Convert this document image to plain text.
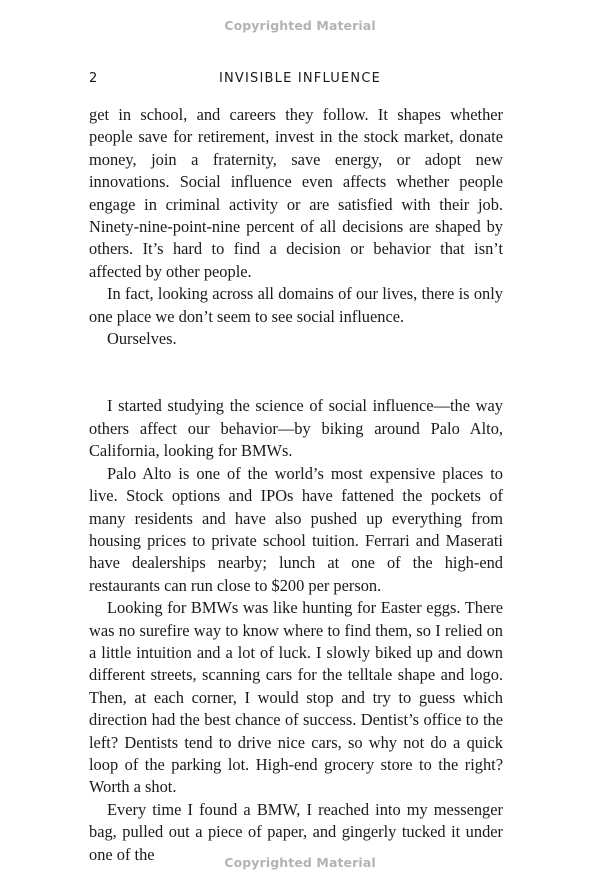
Copyrighted Material
2	INVISIBLE INFLUENCE

get in school, and careers they follow. It shapes whether people save for retirement, invest in the stock market, donate money, join a fraternity, save energy, or adopt new innovations. Social influence even affects whether people engage in criminal activity or are satisfied with their job. Ninety-nine-point-nine percent of all decisions are shaped by others. It’s hard to find a decision or behavior that isn’t affected by other people.

In fact, looking across all domains of our lives, there is only one place we don’t seem to see social influence.

Ourselves.

I started studying the science of social influence—the way others affect our behavior—by biking around Palo Alto, California, looking for BMWs.

Palo Alto is one of the world’s most expensive places to live. Stock options and IPOs have fattened the pockets of many residents and have also pushed up everything from housing prices to private school tuition. Ferrari and Maserati have dealerships nearby; lunch at one of the high-end restaurants can run close to $200 per person.

Looking for BMWs was like hunting for Easter eggs. There was no surefire way to know where to find them, so I relied on a little intuition and a lot of luck. I slowly biked up and down different streets, scanning cars for the telltale shape and logo. Then, at each corner, I would stop and try to guess which direction had the best chance of success. Dentist’s office to the left? Dentists tend to drive nice cars, so why not do a quick loop of the parking lot. High-end grocery store to the right? Worth a shot.

Every time I found a BMW, I reached into my messenger bag, pulled out a piece of paper, and gingerly tucked it under one of the	Copyrighted Material
